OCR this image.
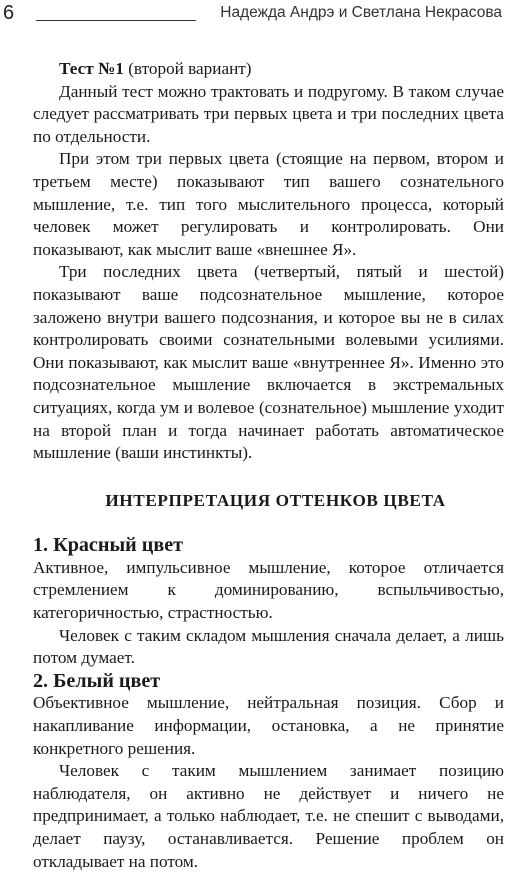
6	Надежда Андрэ и Светлана Некрасова

Тест №1 (второй вариант)

Данный тест можно трактовать и подругому. В таком случае следует рассматривать три первых цвета и три последних цвета по отдельности.

При этом три первых цвета (стоящие на первом, втором и третьем месте) показывают тип вашего сознательного мышление, т.е. тип того мыслительного процесса, который человек может регулировать и контролировать. Они показывают, как мыслит ваше «внешнее Я».

Три последних цвета (четвертый, пятый и шестой) показывают ваше подсознательное мышление, которое заложено внутри вашего подсознания, и которое вы не в силах контролировать своими сознательными волевыми усилиями. Они показывают, как мыслит ваше «внутреннее Я». Именно это подсознательное мышление включается в экстремальных ситуациях, когда ум и волевое (сознательное) мышление уходит на второй план и тогда начинает работать автоматическое мышление (ваши инстинкты).

ИНТЕРПРЕТАЦИЯ ОТТЕНКОВ ЦВЕТА
1. Красный цвет

Активное, импульсивное мышление, которое отличается стремлением к доминированию, вспыльчивостью, категоричностью, страстностью.

Человек с таким складом мышления сначала делает, а лишь потом думает.

2. Белый цвет

Объективное мышление, нейтральная позиция. Сбор и накапливание информации, остановка, а не принятие конкретного решения.

Человек с таким мышлением занимает позицию наблюдателя, он активно не действует и ничего не предпринимает, а только наблюдает, т.е. не спешит с выводами, делает паузу, останавливается. Решение проблем он откладывает на потом.
